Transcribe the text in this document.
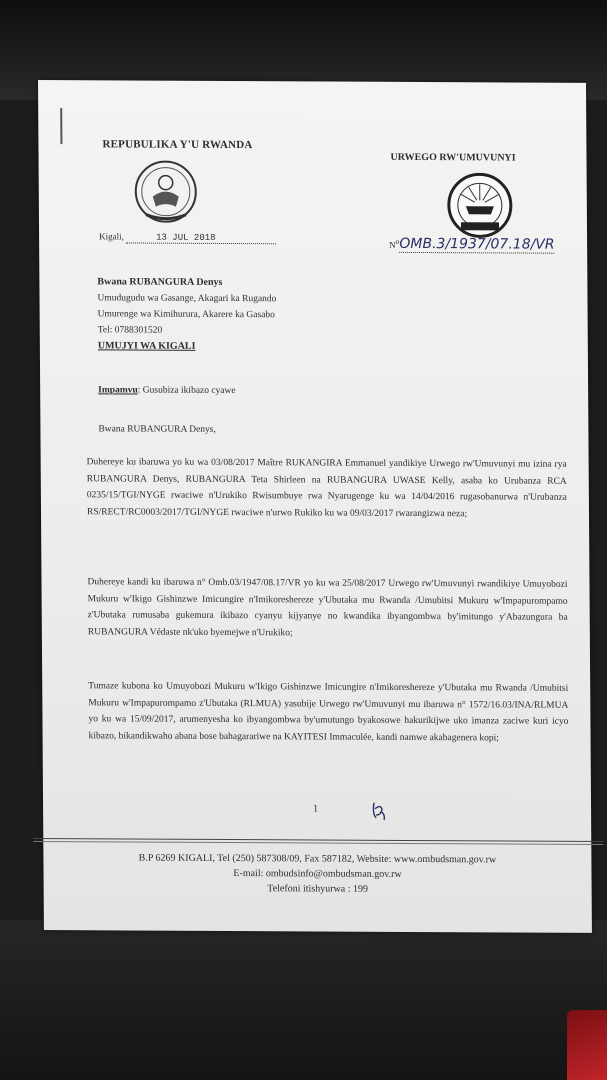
REPUBULIKA Y'U RWANDA
URWEGO RW'UMUVUNYI
Kigali,	13 JUL 2018
$N^oOMB.3/1937/07.18/VR$
Bwana RUBANGURA Denys
Umudugudu wa Gasange, Akagari ka Rugando
Umurenge wa Kimihurura, Akarere ka Gasabo
Tel: 0788301520
UMUJYI WA KIGALI
Impamvu: Gusubiza ikibazo cyawe
Bwana RUBANGURA Denys,
Duhereye ku ibaruwa yo ku wa 03/08/2017 Maître RUKANGIRA Emmanuel yandikiye Urwego rw'Umuvunyi mu izina rya RUBANGURA Denys, RUBANGURA Teta Shirleen na RUBANGURA UWASE Kelly, asaba ko Urubanza RCA 0235/15/TGI/NYGE rwaciwe n'Urukiko Rwisumbuye rwa Nyarugenge ku wa 14/04/2016 rugasobanurwa n'Urubanza RS/RECT/RC0003/2017/TGI/NYGE rwaciwe n'urwo Rukiko ku wa 09/03/2017 rwarangizwa neza;
Duhereye kandi ku ibaruwa n° Omb.03/1947/08.17/VR yo ku wa 25/08/2017 Urwego rw'Umuvunyi rwandikiye Umuyobozi Mukuru w'Ikigo Gishinzwe Imicungire n'Imikoreshereze y'Ubutaka mu Rwanda /Umubitsi Mukuru w'Impapurompamo z'Ubutaka rumusaba gukemura ikibazo cyanyu kijyanye no kwandika ibyangombwa by'imitungo y'Abazungura ba RUBANGURA Védaste nk'uko byemejwe n'Urukiko;
Tumaze kubona ko Umuyobozi Mukuru w'Ikigo Gishinzwe Imicungire n'Imikoreshereze y'Ubutaka mu Rwanda /Umubitsi Mukuru w'Impapurompamo z'Ubutaka (RLMUA) yasubije Urwego rw'Umuvunyi mu ibaruwa n° 1572/16.03/INA/RLMUA yo ku wa 15/09/2017, arumenyesha ko ibyangombwa by'umutungo byakosowe hakurikijwe uko imanza zaciwe kuri icyo kibazo, bikandikwaho abana bose bahagarariwe na KAYITESI Immaculée, kandi namwe akabagenera kopi;
1
B.P 6269 KIGALI, Tel (250) 587308/09, Fax 587182, Website: www.ombudsman.gov.rw
E-mail: ombudsinfo@ombudsman.gov.rw
Telefoni itishyurwa : 199
